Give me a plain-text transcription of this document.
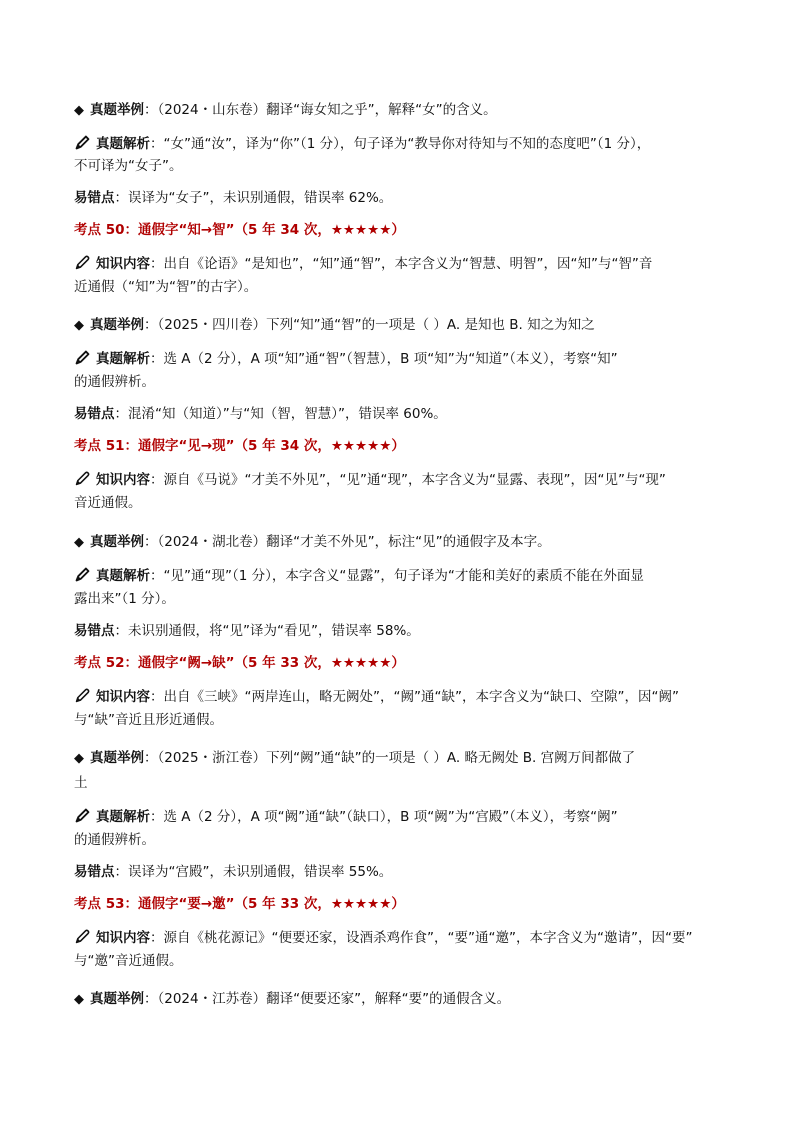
◆ 真题举例：（2024・山东卷）翻译“诲女知之乎”，解释“女”的含义。
真题解析：“女”通“汝”，译为“你”（1 分），句子译为“教导你对待知与不知的态度吧”（1 分），
不可译为“女子”。
易错点：误译为“女子”，未识别通假，错误率 62%。
考点 50：通假字“知→智”（5 年 34 次，★★★★★）
知识内容：出自《论语》“是知也”，“知”通“智”，本字含义为“智慧、明智”，因“知”与“智”音
近通假（“知”为“智”的古字）。
◆ 真题举例：（2025・四川卷）下列“知”通“智”的一项是（ ）A. 是知也 B. 知之为知之
真题解析：选 A（2 分），A 项“知”通“智”（智慧），B 项“知”为“知道”（本义），考察“知”
的通假辨析。
易错点：混淆“知（知道）”与“知（智，智慧）”，错误率 60%。
考点 51：通假字“见→现”（5 年 34 次，★★★★★）
知识内容：源自《马说》“才美不外见”，“见”通“现”，本字含义为“显露、表现”，因“见”与“现”
音近通假。
◆ 真题举例：（2024・湖北卷）翻译“才美不外见”，标注“见”的通假字及本字。
真题解析：“见”通“现”（1 分），本字含义“显露”，句子译为“才能和美好的素质不能在外面显
露出来”（1 分）。
易错点：未识别通假，将“见”译为“看见”，错误率 58%。
考点 52：通假字“阙→缺”（5 年 33 次，★★★★★）
知识内容：出自《三峡》“两岸连山，略无阙处”，“阙”通“缺”，本字含义为“缺口、空隙”，因“阙”
与“缺”音近且形近通假。
◆ 真题举例：（2025・浙江卷）下列“阙”通“缺”的一项是（ ）A. 略无阙处 B. 宫阙万间都做了
土
真题解析：选 A（2 分），A 项“阙”通“缺”（缺口），B 项“阙”为“宫殿”（本义），考察“阙”
的通假辨析。
易错点：误译为“宫殿”，未识别通假，错误率 55%。
考点 53：通假字“要→邀”（5 年 33 次，★★★★★）
知识内容：源自《桃花源记》“便要还家，设酒杀鸡作食”，“要”通“邀”，本字含义为“邀请”，因“要”
与“邀”音近通假。
◆ 真题举例：（2024・江苏卷）翻译“便要还家”，解释“要”的通假含义。
